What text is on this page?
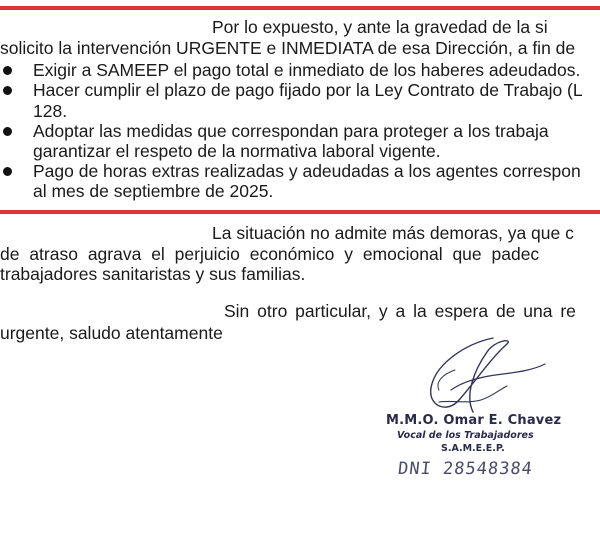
Por lo expuesto, y ante la gravedad de la si
solicito la intervención URGENTE e INMEDIATA de esa Dirección, a fin de
Exigir a SAMEEP el pago total e inmediato de los haberes adeudados.
Hacer cumplir el plazo de pago fijado por la Ley Contrato de Trabajo (L
128.
Adoptar las medidas que correspondan para proteger a los trabaja
garantizar el respeto de la normativa laboral vigente.
Pago de horas extras realizadas y adeudadas a los agentes correspon
al mes de septiembre de 2025.
La situación no admite más demoras, ya que c
de atraso agrava el perjuicio económico y emocional que padec
trabajadores sanitaristas y sus familias.
Sin otro particular, y a la espera de una re
urgente, saludo atentamente
M.M.O. Omar E. Chavez
Vocal de los Trabajadores
S.A.M.E.E.P.
DNI 28548384
